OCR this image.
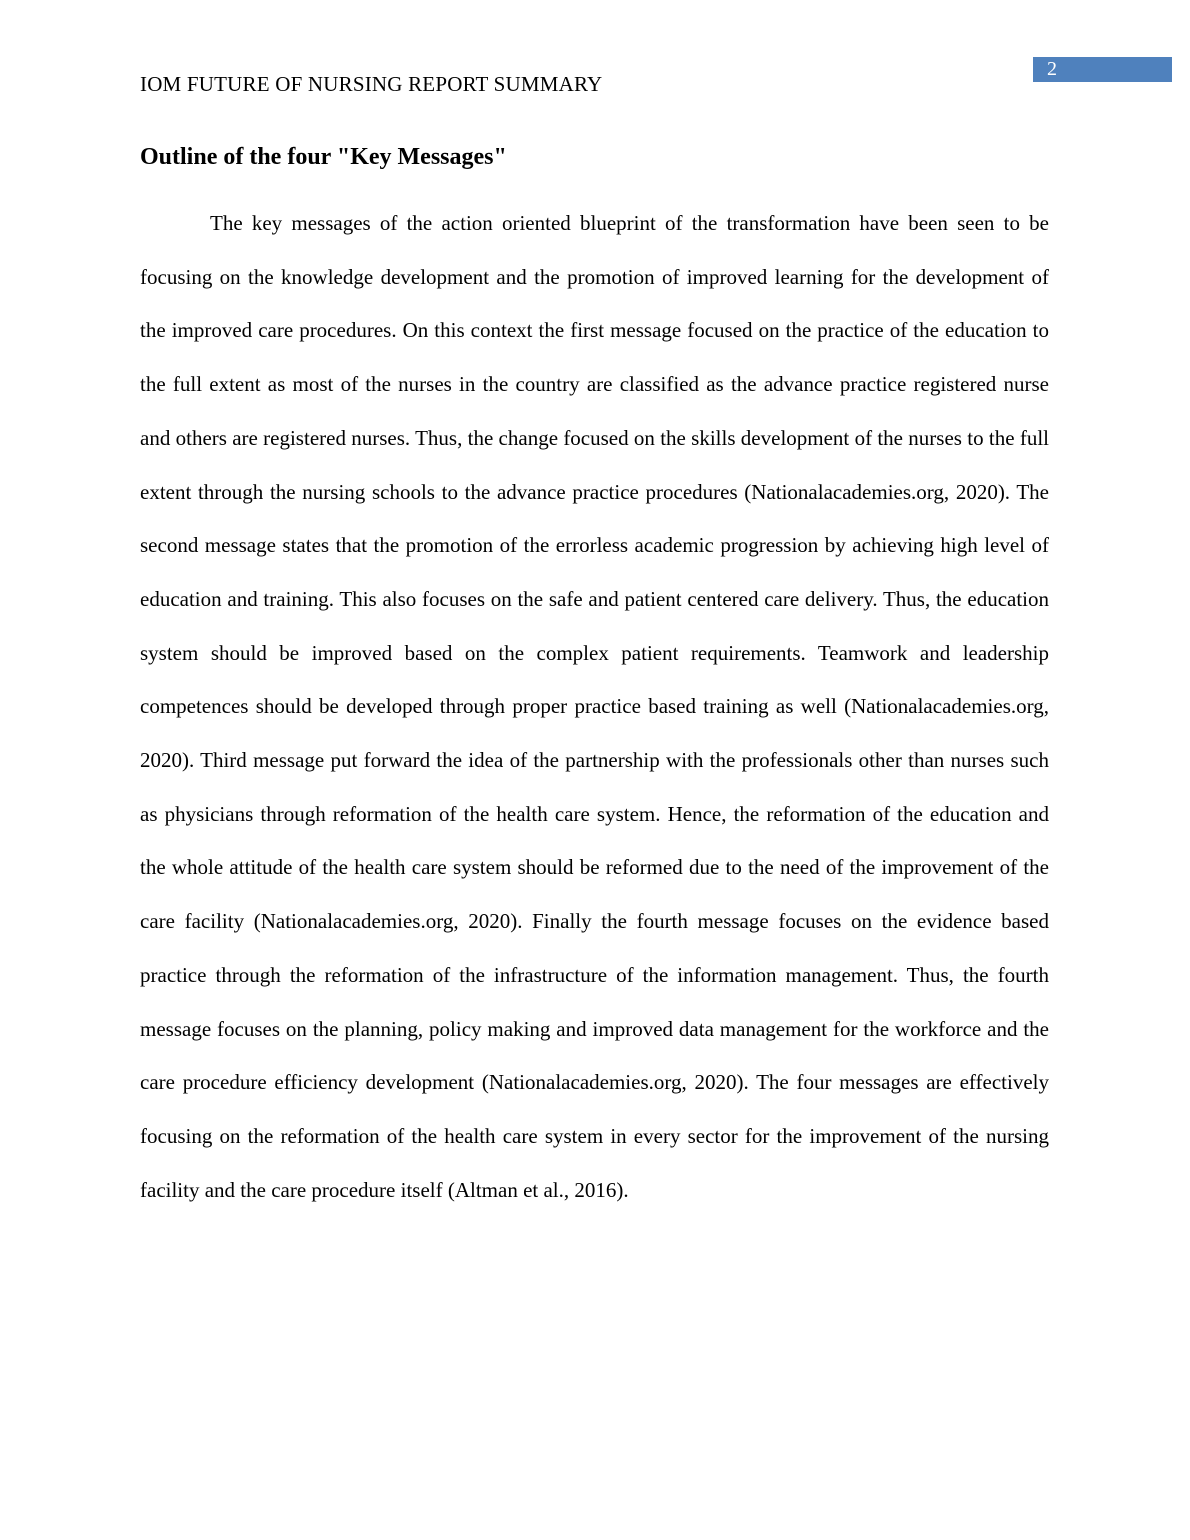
IOM FUTURE OF NURSING REPORT SUMMARY
2
Outline of the four "Key Messages"

The key messages of the action oriented blueprint of the transformation have been seen to be focusing on the knowledge development and the promotion of improved learning for the development of the improved care procedures. On this context the first message focused on the practice of the education to the full extent as most of the nurses in the country are classified as the advance practice registered nurse and others are registered nurses. Thus, the change focused on the skills development of the nurses to the full extent through the nursing schools to the advance practice procedures (Nationalacademies.org, 2020). The second message states that the promotion of the errorless academic progression by achieving high level of education and training. This also focuses on the safe and patient centered care delivery. Thus, the education system should be improved based on the complex patient requirements. Teamwork and leadership competences should be developed through proper practice based training as well (Nationalacademies.org, 2020). Third message put forward the idea of the partnership with the professionals other than nurses such as physicians through reformation of the health care system. Hence, the reformation of the education and the whole attitude of the health care system should be reformed due to the need of the improvement of the care facility (Nationalacademies.org, 2020). Finally the fourth message focuses on the evidence based practice through the reformation of the infrastructure of the information management. Thus, the fourth message focuses on the planning, policy making and improved data management for the workforce and the care procedure efficiency development (Nationalacademies.org, 2020). The four messages are effectively focusing on the reformation of the health care system in every sector for the improvement of the nursing facility and the care procedure itself (Altman et al., 2016).
